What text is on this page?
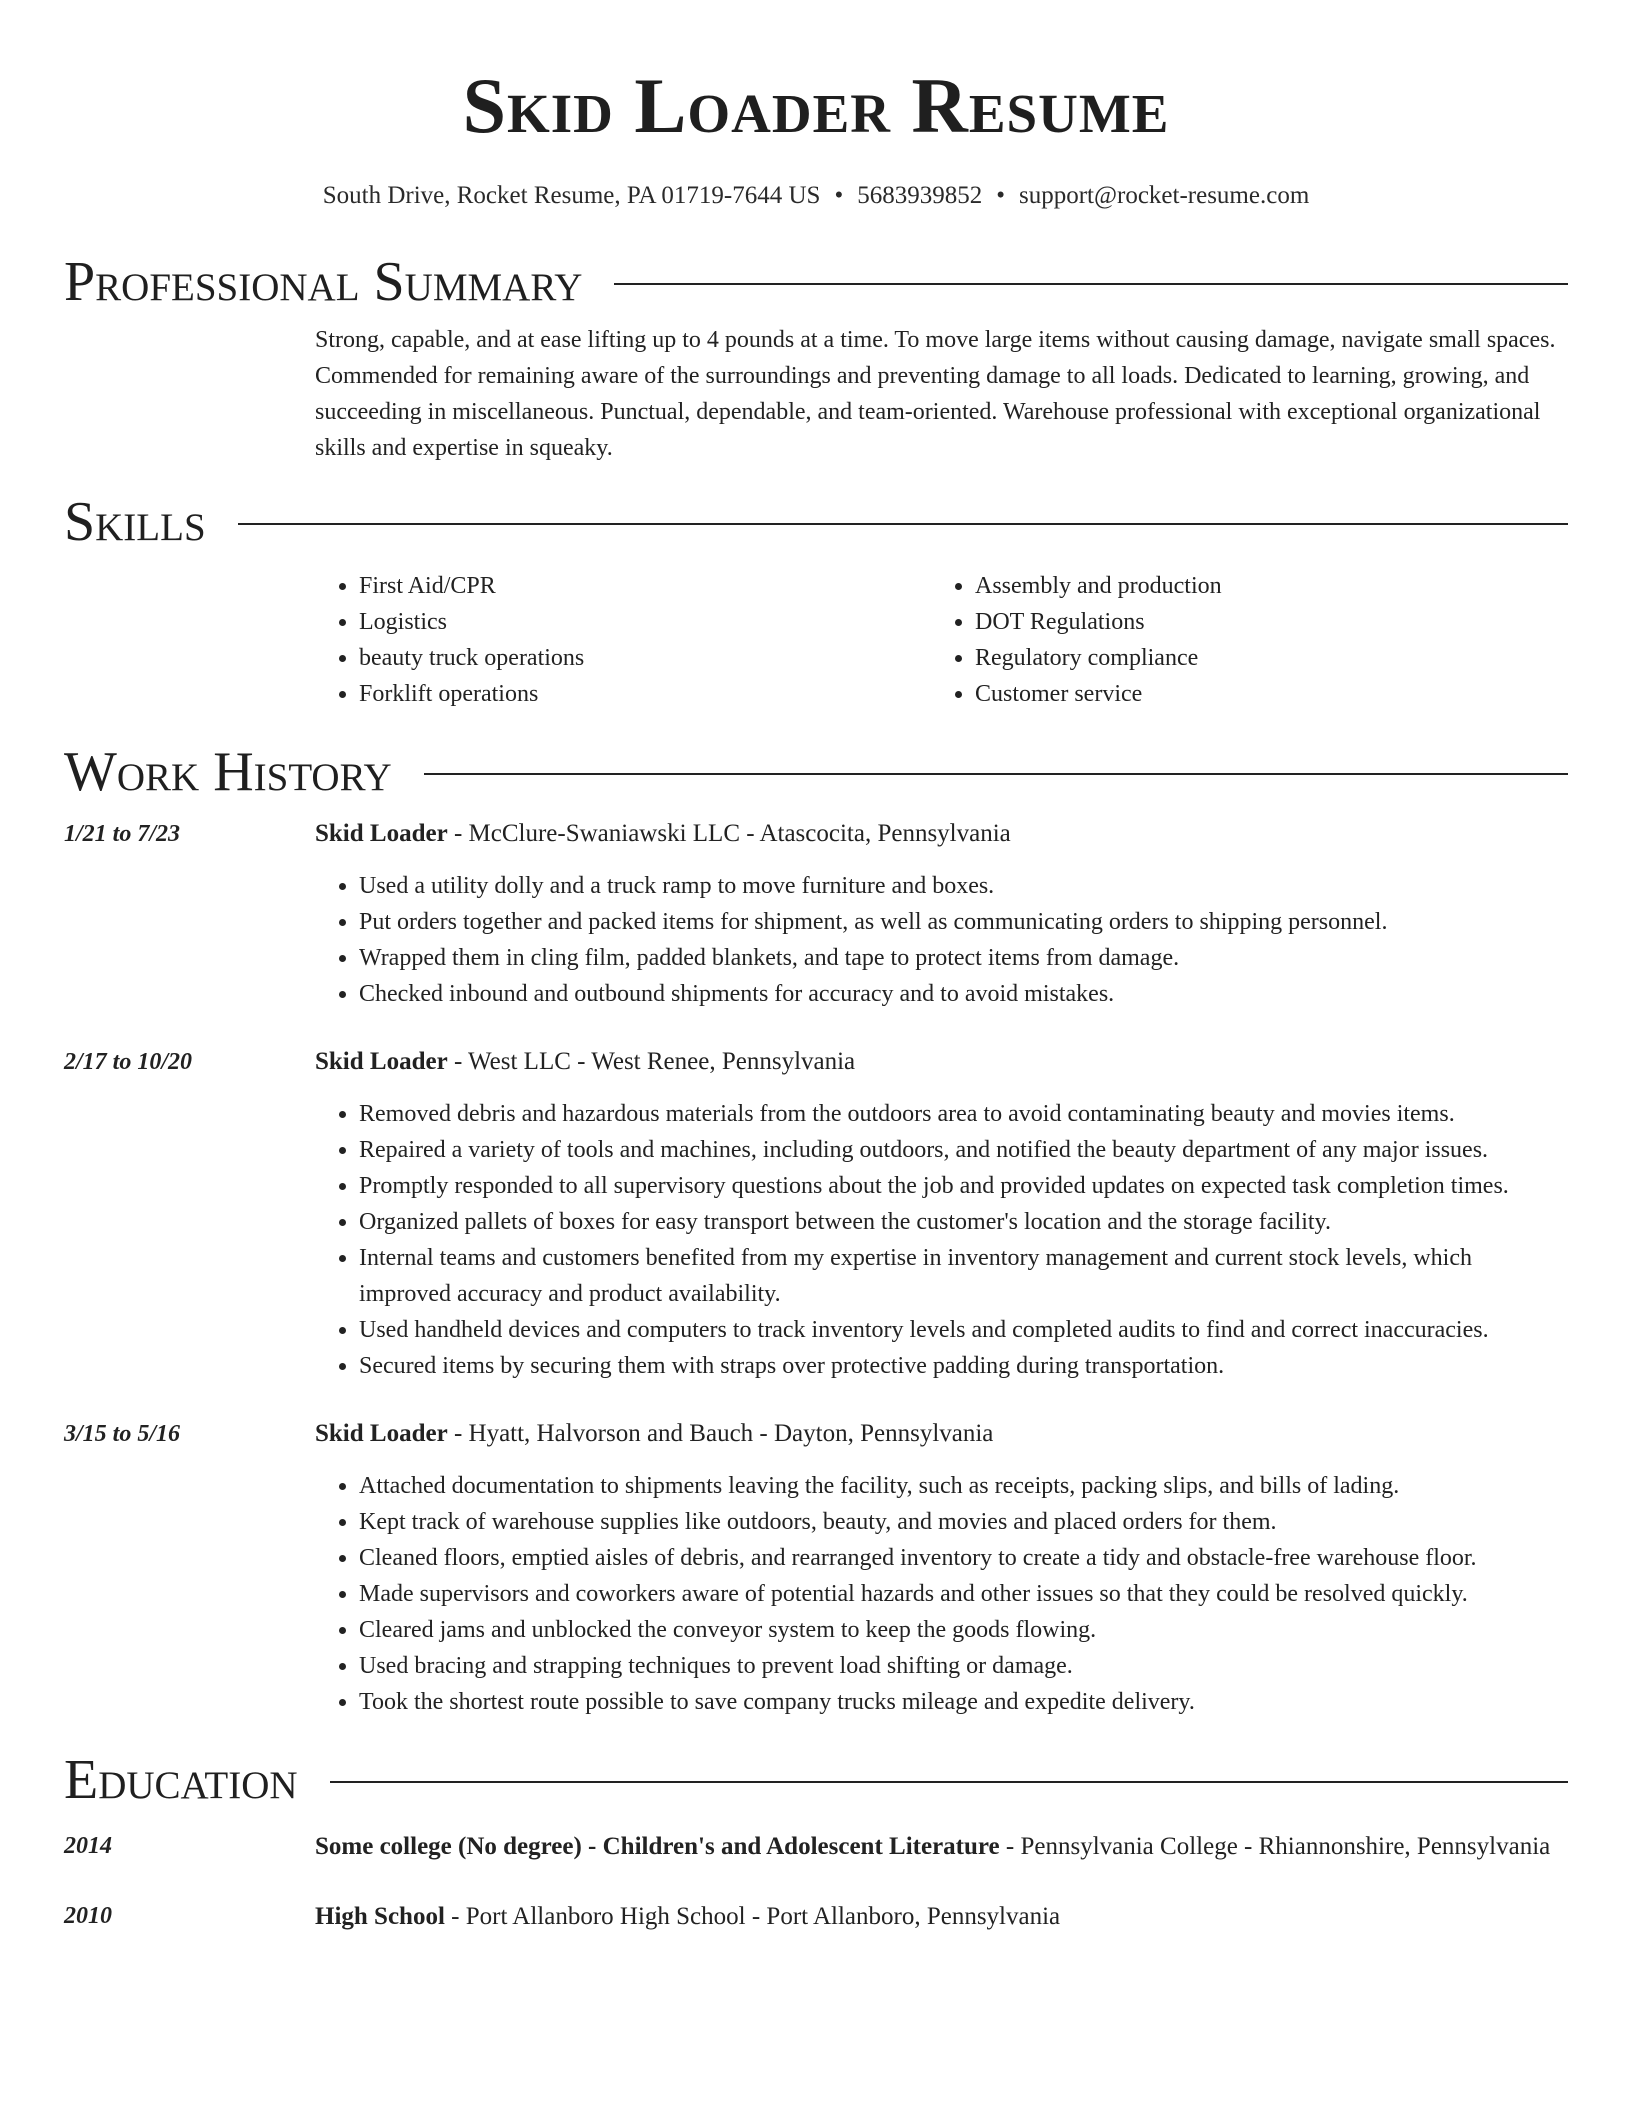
Skid Loader Resume
South Drive, Rocket Resume, PA 01719-7644 US • 5683939852 • support@rocket-resume.com
Professional Summary
Strong, capable, and at ease lifting up to 4 pounds at a time. To move large items without causing damage, navigate small spaces. Commended for remaining aware of the surroundings and preventing damage to all loads. Dedicated to learning, growing, and succeeding in miscellaneous. Punctual, dependable, and team-oriented. Warehouse professional with exceptional organizational skills and expertise in squeaky.
Skills
• First Aid/CPR
• Logistics
• beauty truck operations
• Forklift operations
• Assembly and production
• DOT Regulations
• Regulatory compliance
• Customer service
Work History
1/21 to 7/23	Skid Loader - McClure-Swaniawski LLC - Atascocita, Pennsylvania
• Used a utility dolly and a truck ramp to move furniture and boxes.
• Put orders together and packed items for shipment, as well as communicating orders to shipping personnel.
• Wrapped them in cling film, padded blankets, and tape to protect items from damage.
• Checked inbound and outbound shipments for accuracy and to avoid mistakes.
2/17 to 10/20	Skid Loader - West LLC - West Renee, Pennsylvania
• Removed debris and hazardous materials from the outdoors area to avoid contaminating beauty and movies items.
• Repaired a variety of tools and machines, including outdoors, and notified the beauty department of any major issues.
• Promptly responded to all supervisory questions about the job and provided updates on expected task completion times.
• Organized pallets of boxes for easy transport between the customer's location and the storage facility.
• Internal teams and customers benefited from my expertise in inventory management and current stock levels, which improved accuracy and product availability.
• Used handheld devices and computers to track inventory levels and completed audits to find and correct inaccuracies.
• Secured items by securing them with straps over protective padding during transportation.
3/15 to 5/16	Skid Loader - Hyatt, Halvorson and Bauch - Dayton, Pennsylvania
• Attached documentation to shipments leaving the facility, such as receipts, packing slips, and bills of lading.
• Kept track of warehouse supplies like outdoors, beauty, and movies and placed orders for them.
• Cleaned floors, emptied aisles of debris, and rearranged inventory to create a tidy and obstacle-free warehouse floor.
• Made supervisors and coworkers aware of potential hazards and other issues so that they could be resolved quickly.
• Cleared jams and unblocked the conveyor system to keep the goods flowing.
• Used bracing and strapping techniques to prevent load shifting or damage.
• Took the shortest route possible to save company trucks mileage and expedite delivery.
Education
2014	Some college (No degree) - Children's and Adolescent Literature - Pennsylvania College - Rhiannonshire, Pennsylvania
2010	High School - Port Allanboro High School - Port Allanboro, Pennsylvania
